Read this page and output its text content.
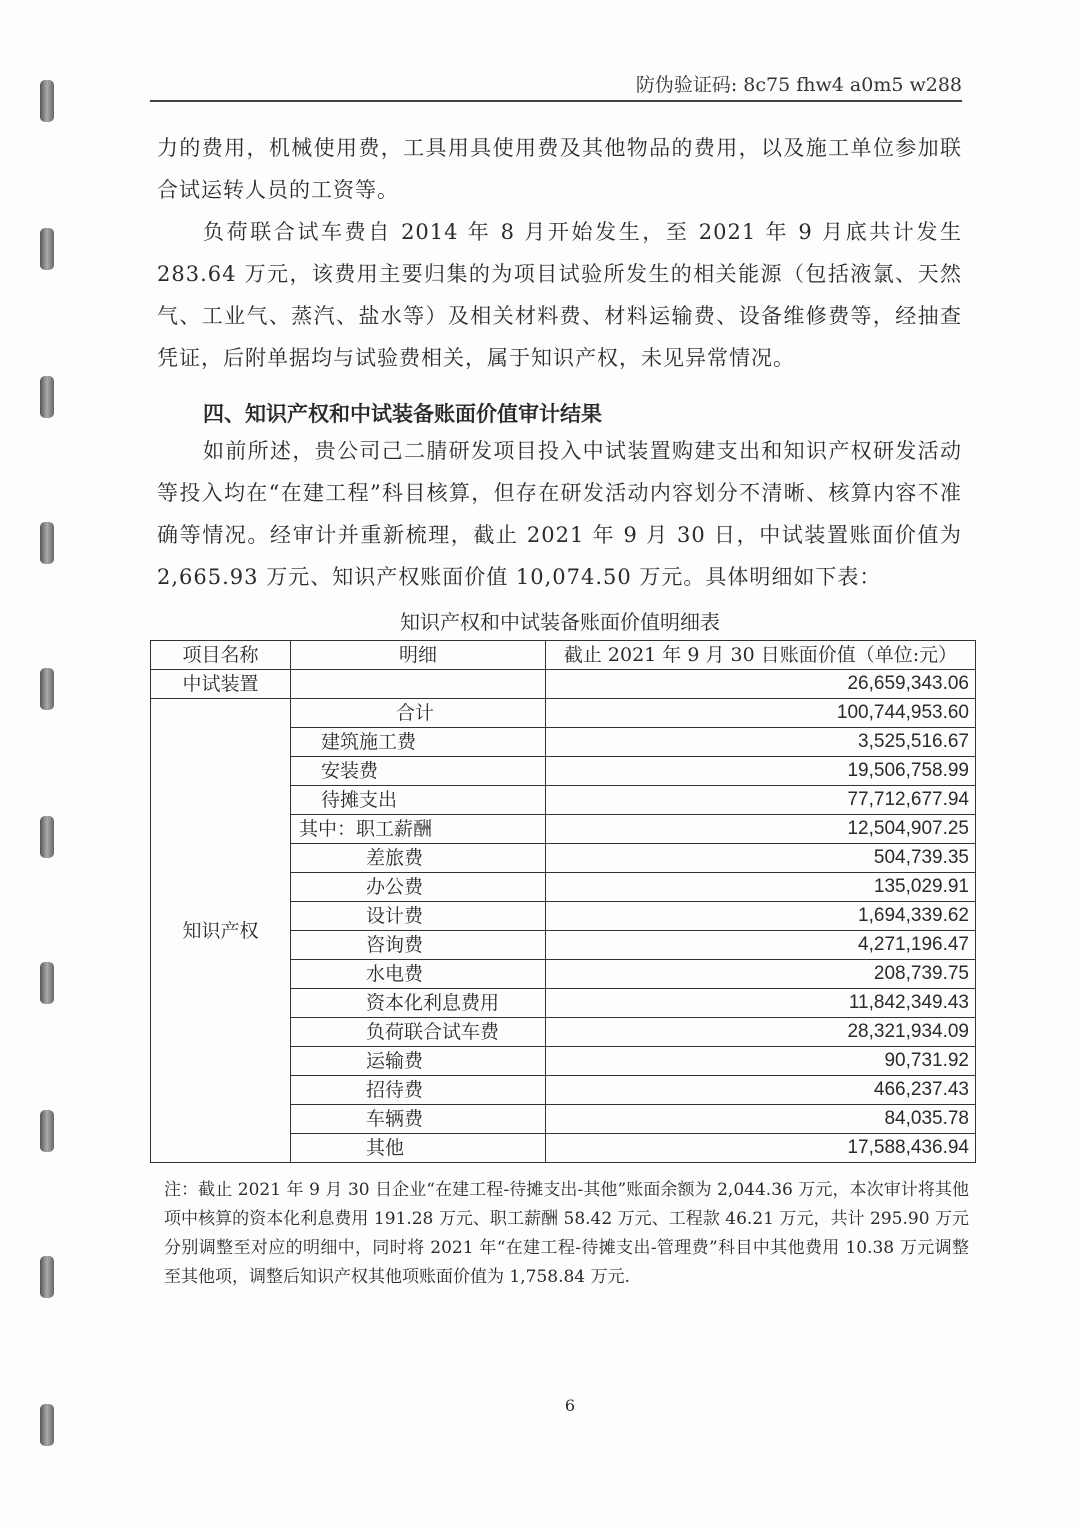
防伪验证码: 8c75 fhw4 a0m5 w288
力的费用，机械使用费，工具用具使用费及其他物品的费用，以及施工单位参加联合试运转人员的工资等。
负荷联合试车费自 2014 年 8 月开始发生，至 2021 年 9 月底共计发生 283.64 万元，该费用主要归集的为项目试验所发生的相关能源（包括液氯、天然气、工业气、蒸汽、盐水等）及相关材料费、材料运输费、设备维修费等，经抽查凭证，后附单据均与试验费相关，属于知识产权，未见异常情况。
四、知识产权和中试装备账面价值审计结果
如前所述，贵公司己二腈研发项目投入中试装置购建支出和知识产权研发活动等投入均在“在建工程”科目核算，但存在研发活动内容划分不清晰、核算内容不准确等情况。经审计并重新梳理，截止 2021 年 9 月 30 日，中试装置账面价值为 2,665.93 万元、知识产权账面价值 10,074.50 万元。具体明细如下表：
知识产权和中试装备账面价值明细表
项目名称	明细	截止 2021 年 9 月 30 日账面价值（单位:元）
中试装置		26,659,343.06
知识产权	合计	100,744,953.60
	建筑施工费	3,525,516.67
	安装费	19,506,758.99
	待摊支出	77,712,677.94
	其中：职工薪酬	12,504,907.25
	差旅费	504,739.35
	办公费	135,029.91
	设计费	1,694,339.62
	咨询费	4,271,196.47
	水电费	208,739.75
	资本化利息费用	11,842,349.43
	负荷联合试车费	28,321,934.09
	运输费	90,731.92
	招待费	466,237.43
	车辆费	84,035.78
	其他	17,588,436.94
注：截止 2021 年 9 月 30 日企业“在建工程-待摊支出-其他”账面余额为 2,044.36 万元，本次审计将其他项中核算的资本化利息费用 191.28 万元、职工薪酬 58.42 万元、工程款 46.21 万元，共计 295.90 万元分别调整至对应的明细中，同时将 2021 年“在建工程-待摊支出-管理费”科目中其他费用 10.38 万元调整至其他项，调整后知识产权其他项账面价值为 1,758.84 万元.
6
